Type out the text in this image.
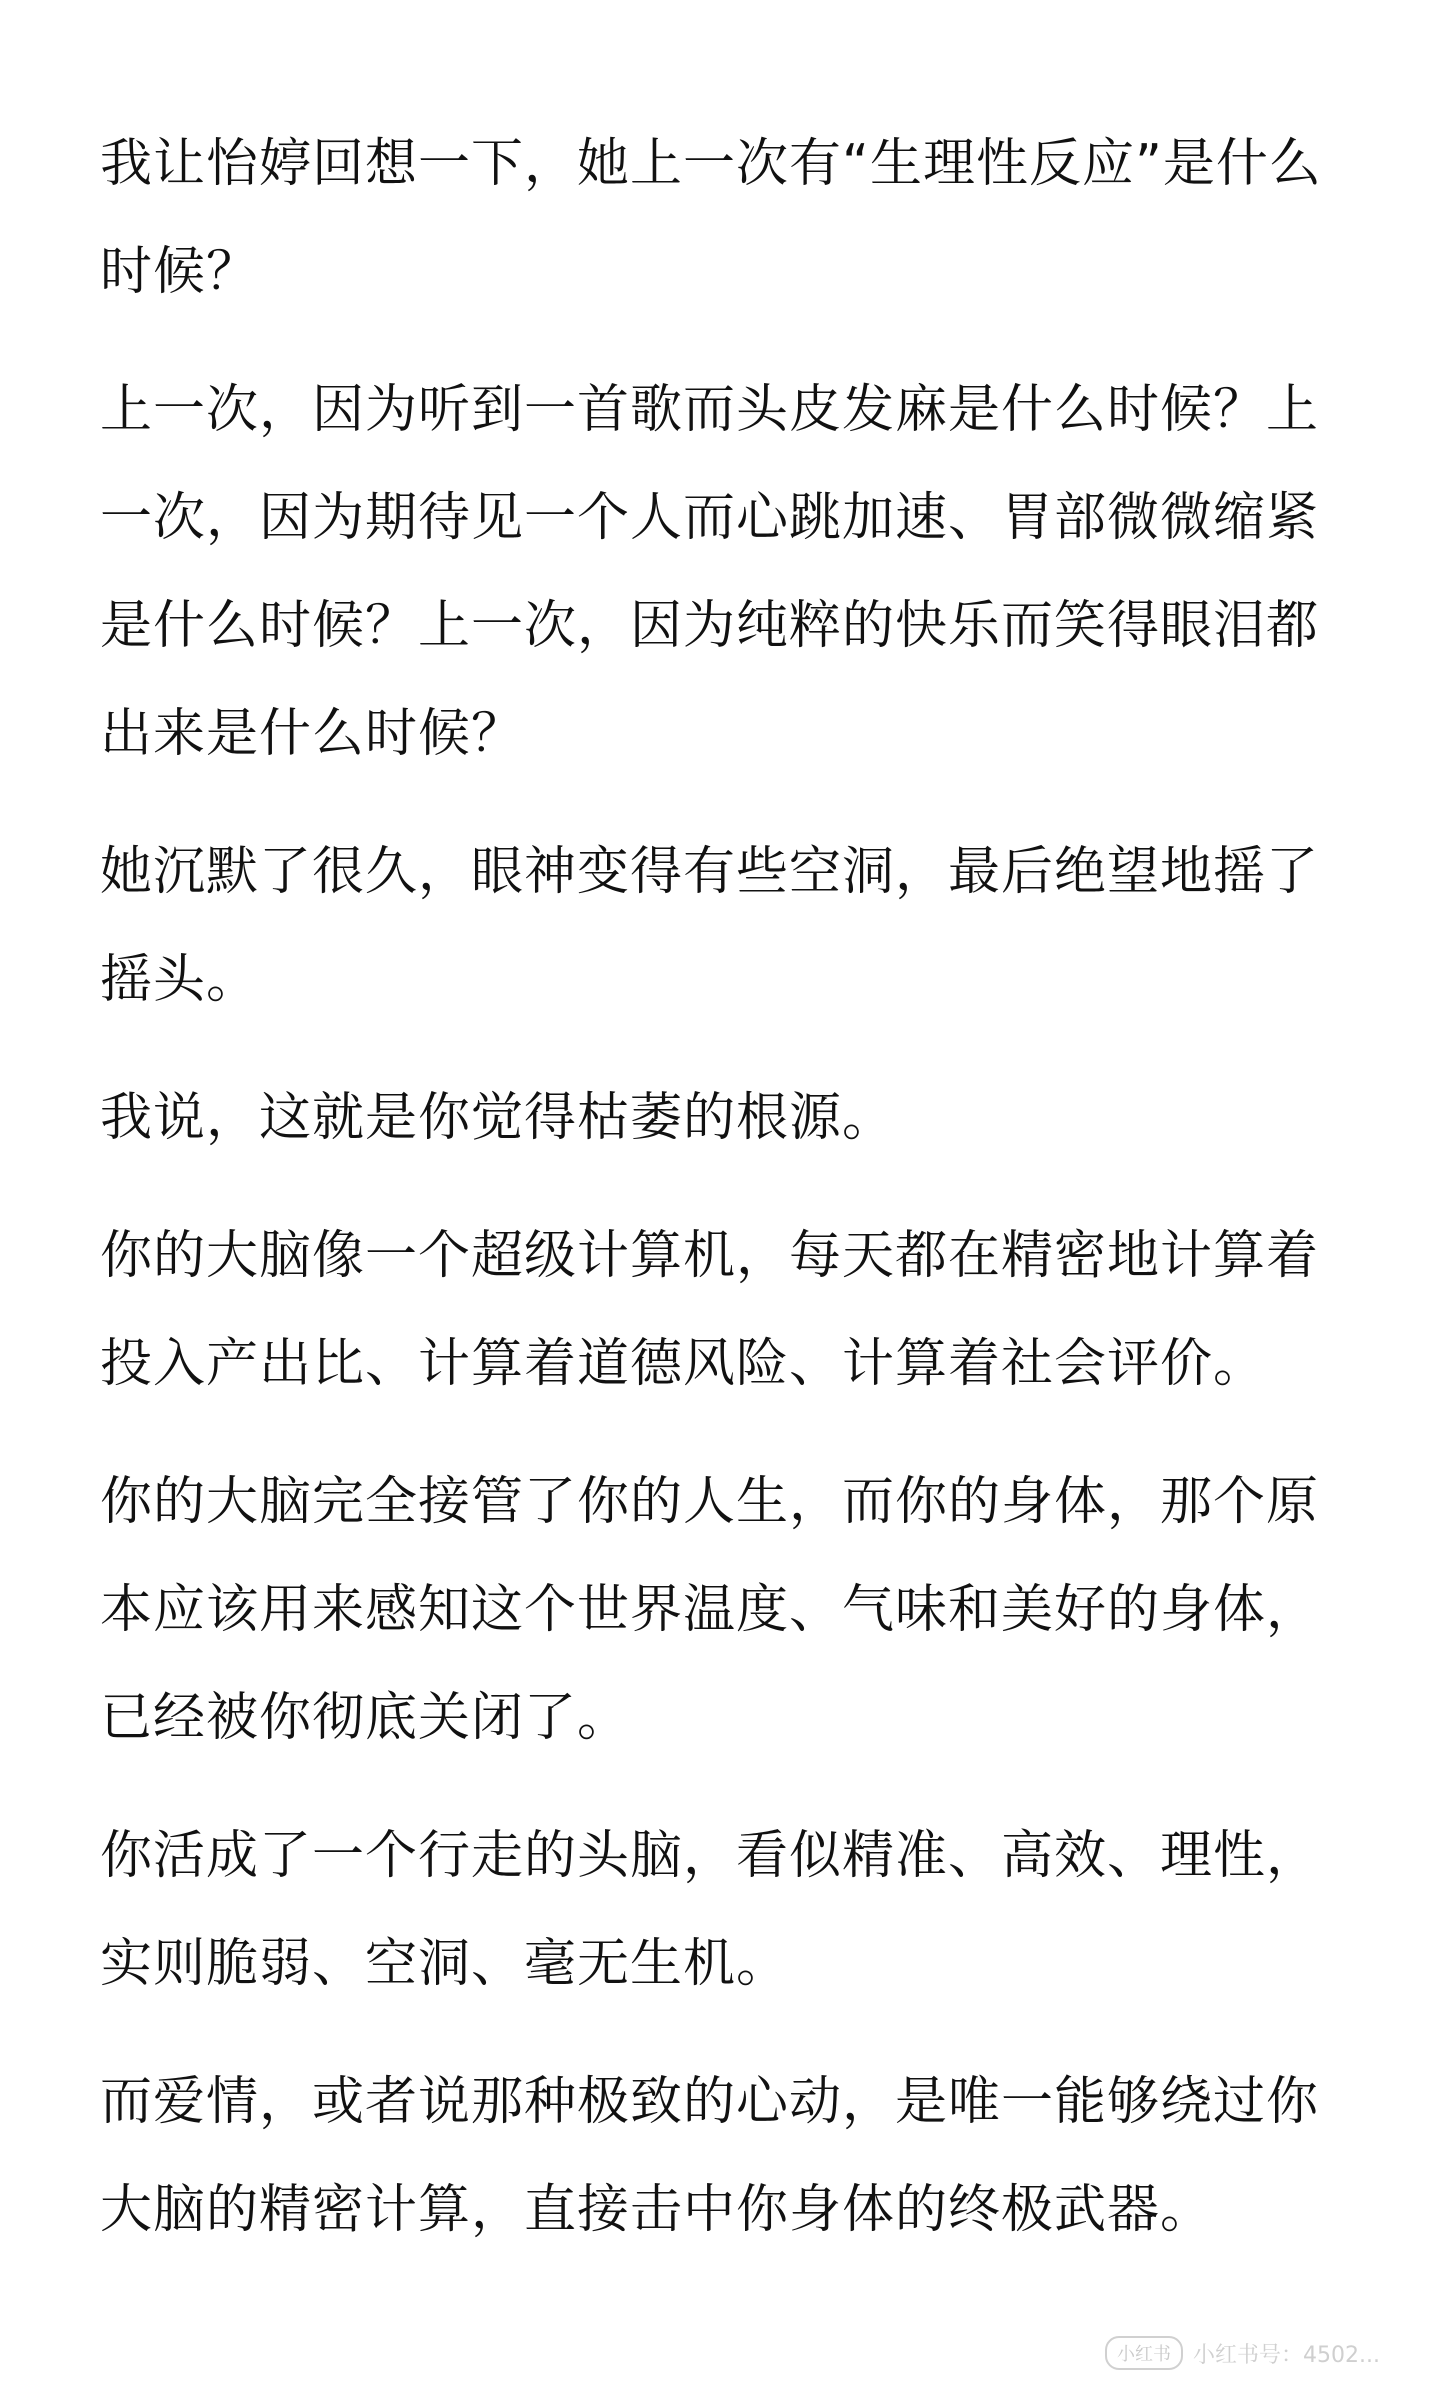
我让怡婷回想一下，她上一次有“生理性反应”是什么时候？

上一次，因为听到一首歌而头皮发麻是什么时候？上一次，因为期待见一个人而心跳加速、胃部微微缩紧是什么时候？上一次，因为纯粹的快乐而笑得眼泪都出来是什么时候？

她沉默了很久，眼神变得有些空洞，最后绝望地摇了摇头。

我说，这就是你觉得枯萎的根源。

你的大脑像一个超级计算机，每天都在精密地计算着投入产出比、计算着道德风险、计算着社会评价。

你的大脑完全接管了你的人生，而你的身体，那个原本应该用来感知这个世界温度、气味和美好的身体，已经被你彻底关闭了。

你活成了一个行走的头脑，看似精准、高效、理性，实则脆弱、空洞、毫无生机。

而爱情，或者说那种极致的心动，是唯一能够绕过你大脑的精密计算，直接击中你身体的终极武器。

小红书	小红书号：4502...
